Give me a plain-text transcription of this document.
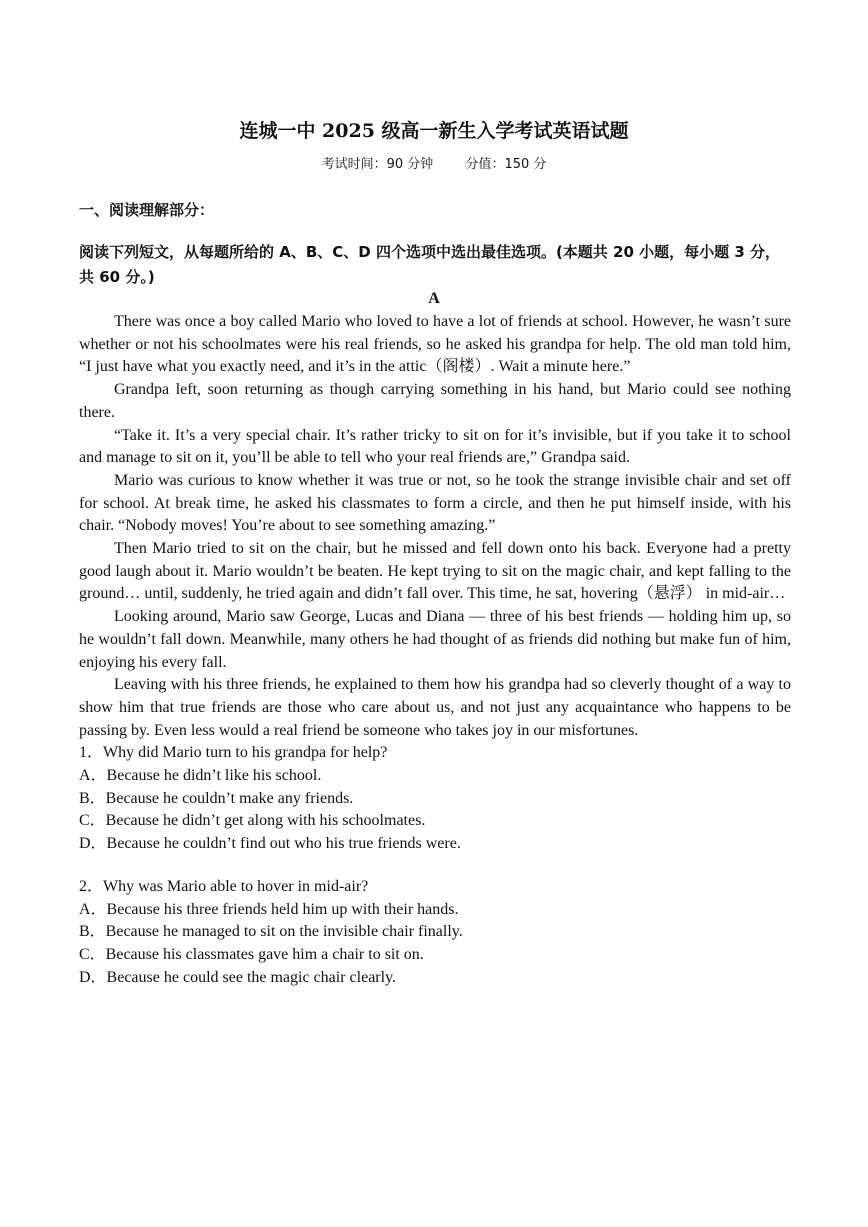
连城一中 2025 级高一新生入学考试英语试题
考试时间：90 分钟 分值：150 分
一、阅读理解部分：
阅读下列短文，从每题所给的 A、B、C、D 四个选项中选出最佳选项。(本题共 20 小题，每小题 3 分，共 60 分。)
A

There was once a boy called Mario who loved to have a lot of friends at school. However, he wasn’t sure whether or not his schoolmates were his real friends, so he asked his grandpa for help. The old man told him, “I just have what you exactly need, and it’s in the attic（阁楼）. Wait a minute here.”

Grandpa left, soon returning as though carrying something in his hand, but Mario could see nothing there.

“Take it. It’s a very special chair. It’s rather tricky to sit on for it’s invisible, but if you take it to school and manage to sit on it, you’ll be able to tell who your real friends are,” Grandpa said.

Mario was curious to know whether it was true or not, so he took the strange invisible chair and set off for school. At break time, he asked his classmates to form a circle, and then he put himself inside, with his chair. “Nobody moves! You’re about to see something amazing.”

Then Mario tried to sit on the chair, but he missed and fell down onto his back. Everyone had a pretty good laugh about it. Mario wouldn’t be beaten. He kept trying to sit on the magic chair, and kept falling to the ground… until, suddenly, he tried again and didn’t fall over. This time, he sat, hovering（悬浮） in mid-air…

Looking around, Mario saw George, Lucas and Diana — three of his best friends — holding him up, so he wouldn’t fall down. Meanwhile, many others he had thought of as friends did nothing but make fun of him, enjoying his every fall.

Leaving with his three friends, he explained to them how his grandpa had so cleverly thought of a way to show him that true friends are those who care about us, and not just any acquaintance who happens to be passing by. Even less would a real friend be someone who takes joy in our misfortunes.

1．Why did Mario turn to his grandpa for help?
A．Because he didn’t like his school.
B．Because he couldn’t make any friends.
C．Because he didn’t get along with his schoolmates.
D．Because he couldn’t find out who his true friends were.
2．Why was Mario able to hover in mid-air?
A．Because his three friends held him up with their hands.
B．Because he managed to sit on the invisible chair finally.
C．Because his classmates gave him a chair to sit on.
D．Because he could see the magic chair clearly.
